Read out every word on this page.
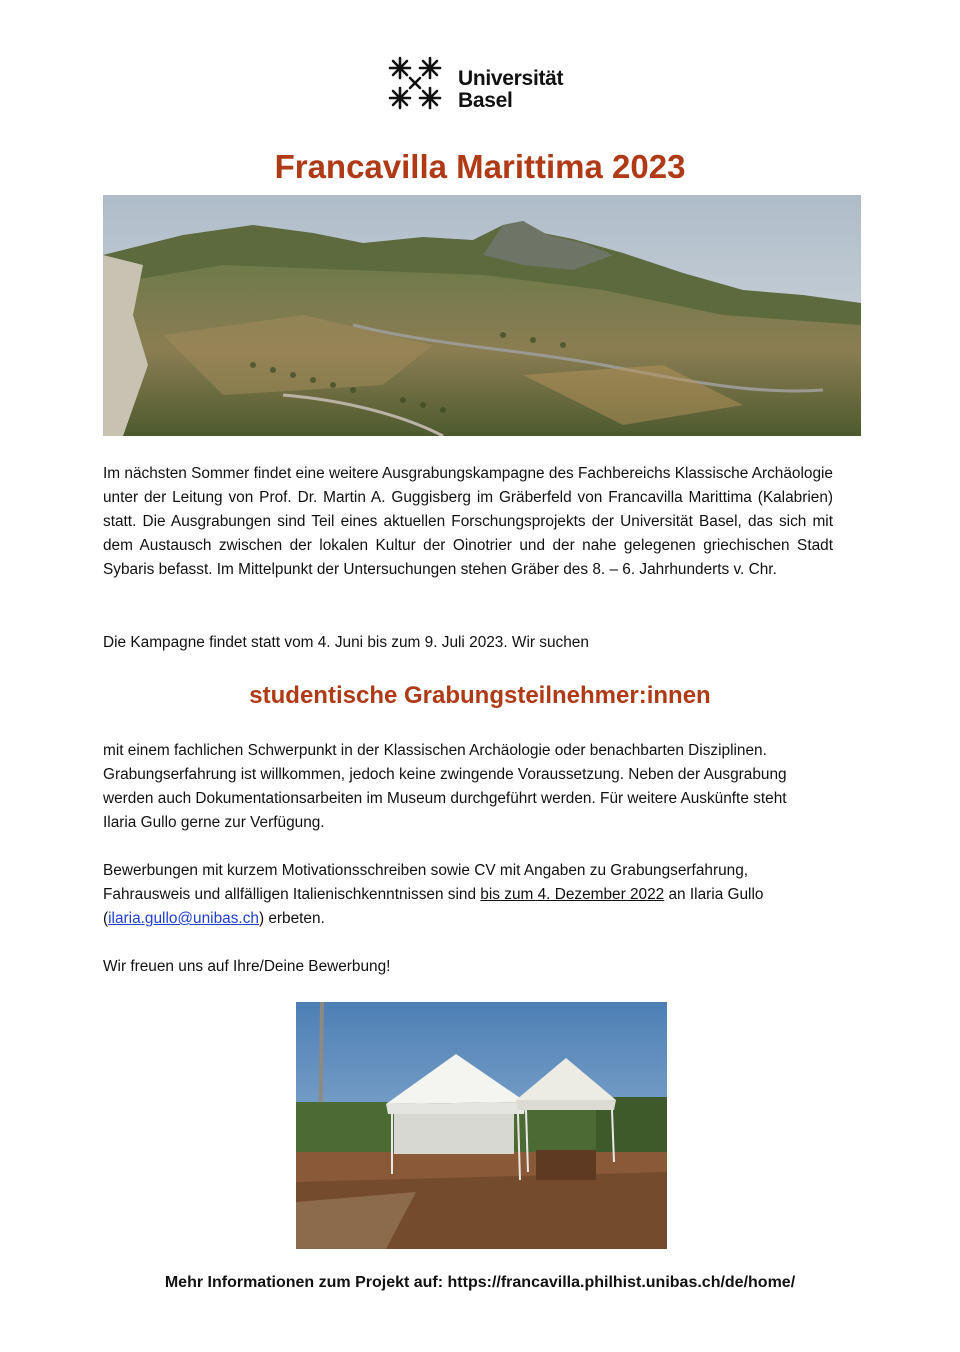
Universität
Basel
Francavilla Marittima 2023

Im nächsten Sommer findet eine weitere Ausgrabungskampagne des Fachbereichs Klassische Archäologie unter der Leitung von Prof. Dr. Martin A. Guggisberg im Gräberfeld von Francavilla Marittima (Kalabrien) statt. Die Ausgrabungen sind Teil eines aktuellen Forschungsprojekts der Universität Basel, das sich mit dem Austausch zwischen der lokalen Kultur der Oinotrier und der nahe gelegenen griechischen Stadt Sybaris befasst. Im Mittelpunkt der Untersuchungen stehen Gräber des 8. – 6. Jahrhunderts v. Chr.

Die Kampagne findet statt vom 4. Juni bis zum 9. Juli 2023. Wir suchen

studentische Grabungsteilnehmer:innen

mit einem fachlichen Schwerpunkt in der Klassischen Archäologie oder benachbarten Disziplinen. Grabungserfahrung ist willkommen, jedoch keine zwingende Voraussetzung. Neben der Ausgrabung werden auch Dokumentationsarbeiten im Museum durchgeführt werden. Für weitere Auskünfte steht Ilaria Gullo gerne zur Verfügung.

Bewerbungen mit kurzem Motivationsschreiben sowie CV mit Angaben zu Grabungserfahrung, Fahrausweis und allfälligen Italienischkenntnissen sind bis zum 4. Dezember 2022 an Ilaria Gullo (ilaria.gullo@unibas.ch) erbeten.

Wir freuen uns auf Ihre/Deine Bewerbung!

Mehr Informationen zum Projekt auf: https://francavilla.philhist.unibas.ch/de/home/
